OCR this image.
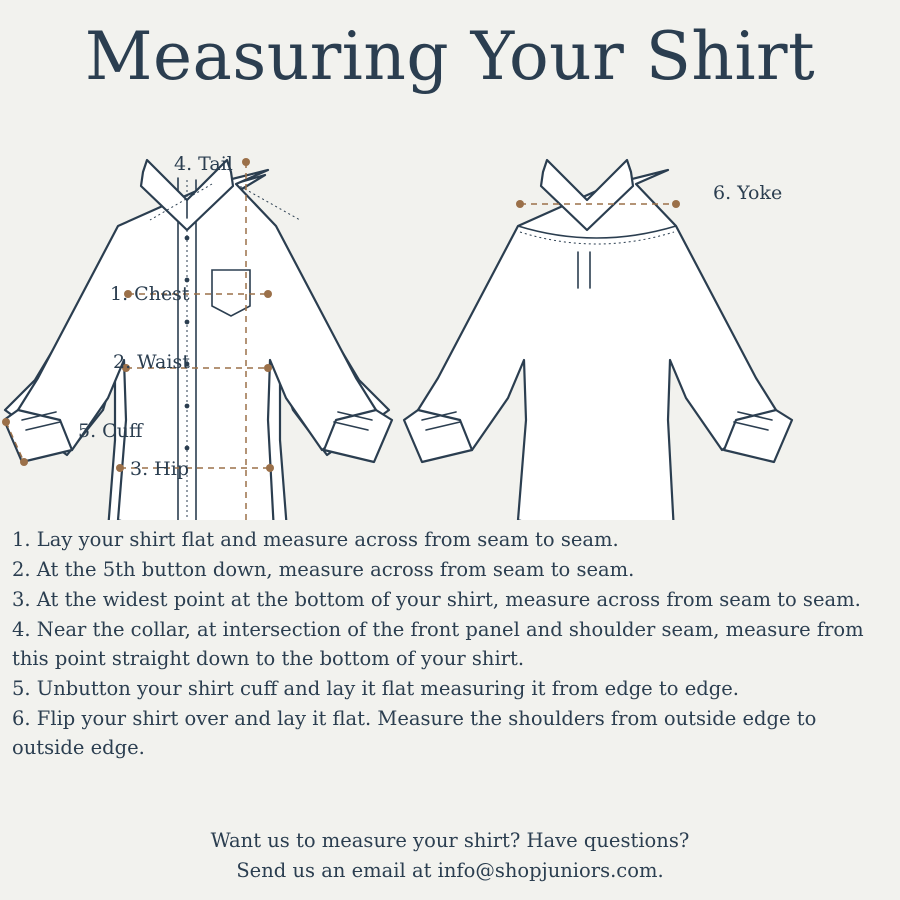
Measuring Your Shirt
4. Tail
1. Chest
2. Waist
5. Cuff
3. Hip
6. Yoke

1. Lay your shirt flat and measure across from seam to seam.

2. At the 5th button down, measure across from seam to seam.

3. At the widest point at the bottom of your shirt, measure across from seam to seam.

4. Near the collar, at intersection of the front panel and shoulder seam, measure from this point straight down to the bottom of your shirt.

5. Unbutton your shirt cuff and lay it flat measuring it from edge to edge.

6. Flip your shirt over and lay it flat. Measure the shoulders from outside edge to outside edge.

Want us to measure your shirt? Have questions?
Send us an email at info@shopjuniors.com.
